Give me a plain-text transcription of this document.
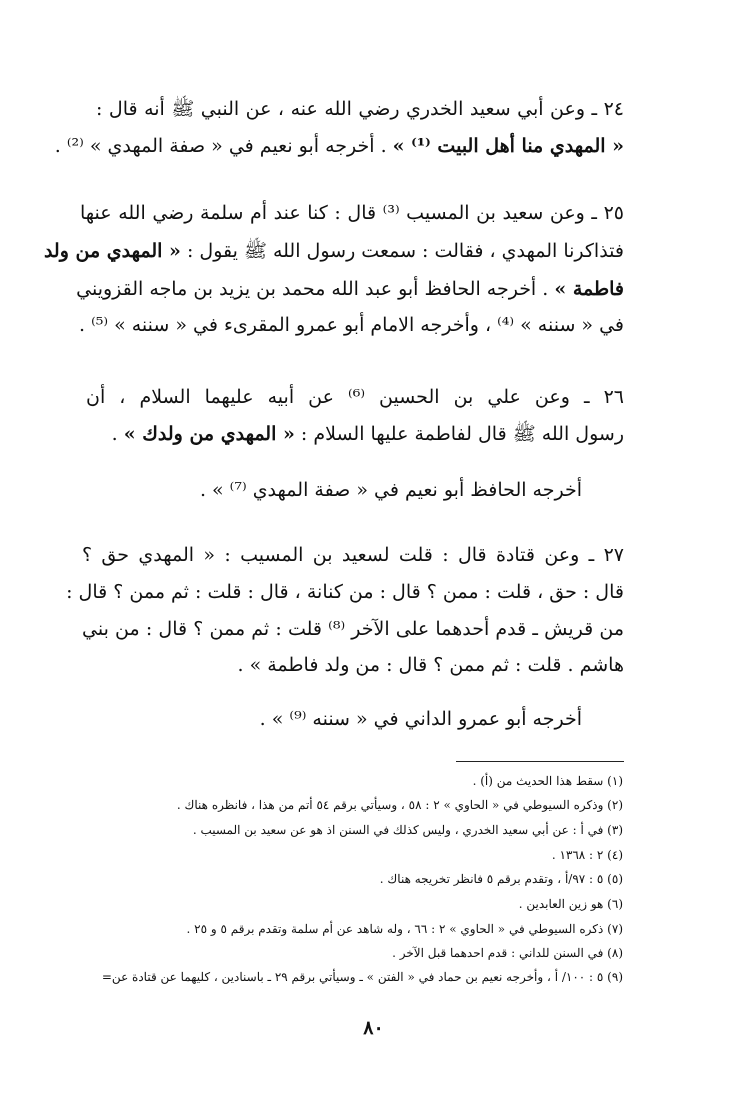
٢٤ ـ وعن أبي سعيد الخدري رضي الله عنه ، عن النبي ﷺ أنه قال :
« المهدي منا أهل البيت ⁽¹⁾ » . أخرجه أبو نعيم في « صفة المهدي » ⁽²⁾ .
٢٥ ـ وعن سعيد بن المسيب ⁽³⁾ قال : كنا عند أم سلمة رضي الله عنها
فتذاكرنا المهدي ، فقالت : سمعت رسول الله ﷺ يقول : « المهدي من ولد
فاطمة » . أخرجه الحافظ أبو عبد الله محمد بن يزيد بن ماجه القزويني
في « سننه » ⁽⁴⁾ ، وأخرجه الامام أبو عمرو المقرىء في « سننه » ⁽⁵⁾ .
٢٦ ـ وعن علي بن الحسين ⁽⁶⁾ عن أبيه عليهما السلام ، أن
رسول الله ﷺ قال لفاطمة عليها السلام : « المهدي من ولدك » .
أخرجه الحافظ أبو نعيم في « صفة المهدي ⁽⁷⁾ » .
٢٧ ـ وعن قتادة قال : قلت لسعيد بن المسيب : « المهدي حق ؟
قال : حق ، قلت : ممن ؟ قال : من كنانة ، قال : قلت : ثم ممن ؟ قال :
من قريش ـ قدم أحدهما على الآخر ⁽⁸⁾ قلت : ثم ممن ؟ قال : من بني
هاشم . قلت : ثم ممن ؟ قال : من ولد فاطمة » .
أخرجه أبو عمرو الداني في « سننه ⁽⁹⁾ » .
(١) سقط هذا الحديث من (أ) .
(٢) وذكره السيوطي في « الحاوي » ٢ : ٥٨ ، وسيأتي برقم ٥٤ أتم من هذا ، فانظره هناك .
(٣) في أ : عن أبي سعيد الخدري ، وليس كذلك في السنن اذ هو عن سعيد بن المسيب .
(٤) ٢ : ١٣٦٨ .
(٥) ٥ : ٩٧/أ ، وتقدم برقم ٥ فانظر تخريجه هناك .
(٦) هو زين العابدين .
(٧) ذكره السيوطي في « الحاوي » ٢ : ٦٦ ، وله شاهد عن أم سلمة وتقدم برقم ٥ و ٢٥ .
(٨) في السنن للداني : قدم احدهما قبل الآخر .
(٩) ٥ : ١٠٠/ أ ، وأخرجه نعيم بن حماد في « الفتن » ـ وسيأتي برقم ٢٩ ـ باسنادين ، كليهما عن قتادة عن=
٨٠
